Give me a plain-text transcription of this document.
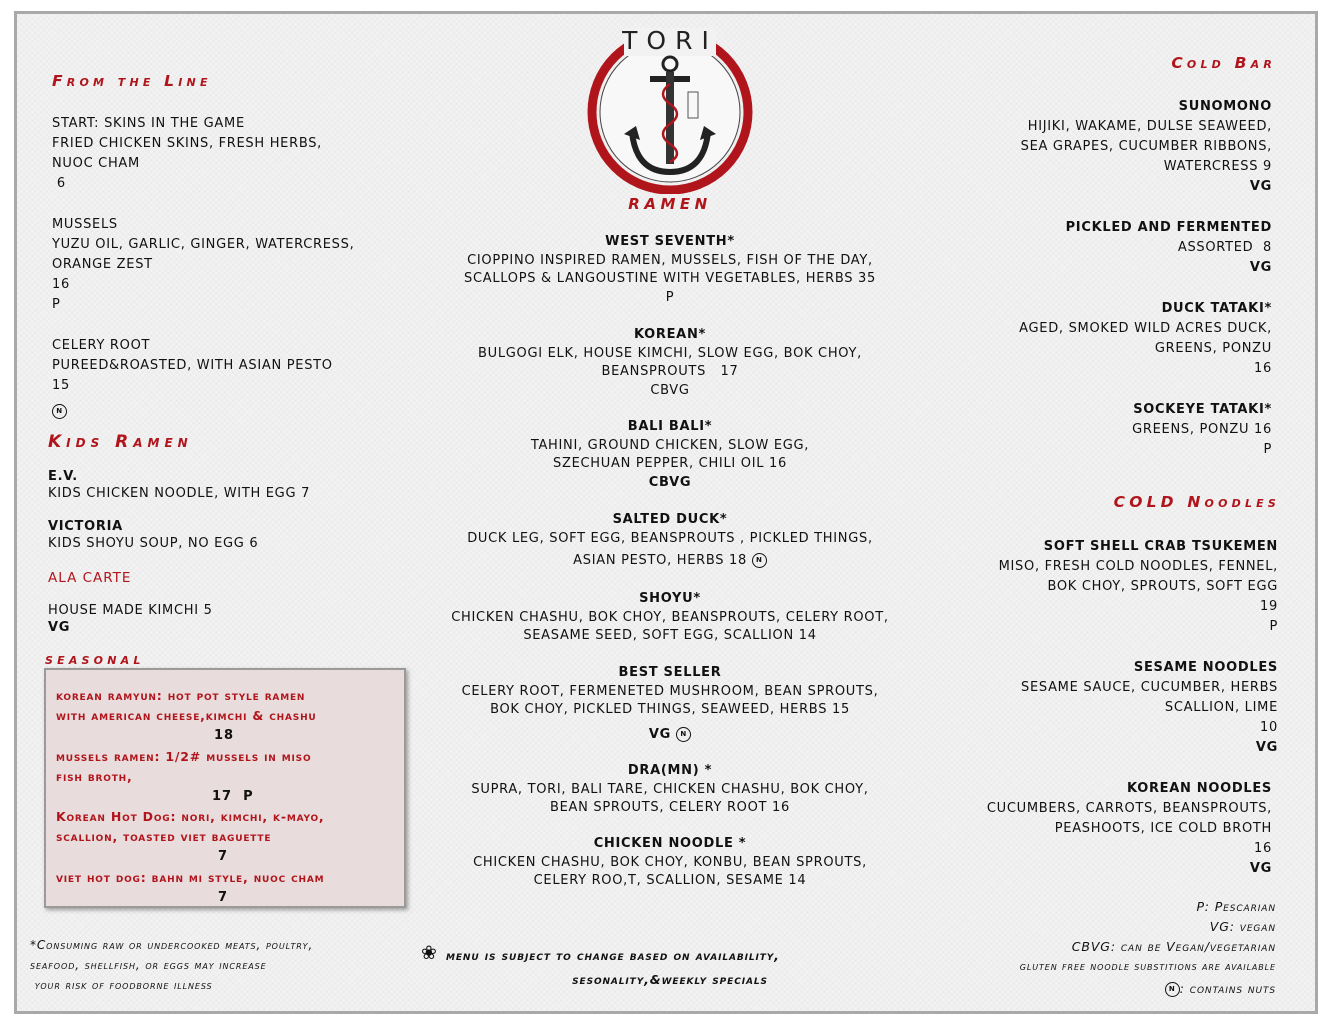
TORI
RAMEN
From the Line
START: SKINS IN THE GAME
FRIED CHICKEN SKINS, FRESH HERBS,
NUOC CHAM
6
MUSSELS
YUZU OIL, GARLIC, GINGER, WATERCRESS,
ORANGE ZEST
16
P
CELERY ROOT
PUREED&ROASTED, WITH ASIAN PESTO
15
N
Kids Ramen
E.V.
KIDS CHICKEN NOODLE, WITH EGG 7
VICTORIA
KIDS SHOYU SOUP, NO EGG 6
ALA CARTE
HOUSE MADE KIMCHI 5
VG
seasonal
korean ramyun: hot pot style ramen
with american cheese,kimchi & chashu
18
mussels ramen: 1/2# mussels in miso
fish broth,
17  P
Korean Hot Dog: nori, kimchi, k-mayo,
scallion, toasted viet baguette
7
viet hot dog: bahn mi style, nuoc cham
7
*Consuming raw or undercooked meats, poultry,
seafood, shellfish, or eggs may increase
your risk of foodborne illness
WEST SEVENTH*
CIOPPINO INSPIRED RAMEN, MUSSELS, FISH OF THE DAY,
SCALLOPS & LANGOUSTINE WITH VEGETABLES, HERBS 35
P
KOREAN*
BULGOGI ELK, HOUSE KIMCHI, SLOW EGG, BOK CHOY,
BEANSPROUTS   17
CBVG
BALI BALI*
TAHINI, GROUND CHICKEN, SLOW EGG,
SZECHUAN PEPPER, CHILI OIL 16
CBVG
SALTED DUCK*
DUCK LEG, SOFT EGG, BEANSPROUTS , PICKLED THINGS,
ASIAN PESTO, HERBS 18 N
SHOYU*
CHICKEN CHASHU, BOK CHOY, BEANSPROUTS, CELERY ROOT,
SEASAME SEED, SOFT EGG, SCALLION 14
BEST SELLER
CELERY ROOT, FERMENETED MUSHROOM, BEAN SPROUTS,
BOK CHOY, PICKLED THINGS, SEAWEED, HERBS 15
VG N
DRA(MN) *
SUPRA, TORI, BALI TARE, CHICKEN CHASHU, BOK CHOY,
BEAN SPROUTS, CELERY ROOT 16
CHICKEN NOODLE *
CHICKEN CHASHU, BOK CHOY, KONBU, BEAN SPROUTS,
CELERY ROO,T, SCALLION, SESAME 14
❀ menu is subject to change based on availability,
sesonality,&weekly specials
Cold Bar
SUNOMONO
HIJIKI, WAKAME, DULSE SEAWEED,
SEA GRAPES, CUCUMBER RIBBONS,
WATERCRESS 9
VG
PICKLED AND FERMENTED
ASSORTED  8
VG
DUCK TATAKI*
AGED, SMOKED WILD ACRES DUCK,
GREENS, PONZU
16
SOCKEYE TATAKI*
GREENS, PONZU 16
P
COLD Noodles
SOFT SHELL CRAB TSUKEMEN
MISO, FRESH COLD NOODLES, FENNEL,
BOK CHOY, SPROUTS, SOFT EGG
19
P
SESAME NOODLES
SESAME SAUCE, CUCUMBER, HERBS
SCALLION, LIME
10
VG
KOREAN NOODLES
CUCUMBERS, CARROTS, BEANSPROUTS,
PEASHOOTS, ICE COLD BROTH
16
VG
P: Pescarian
VG: vegan
CBVG: can be Vegan/vegetarian
gluten free noodle substitions are available
N : contains nuts
